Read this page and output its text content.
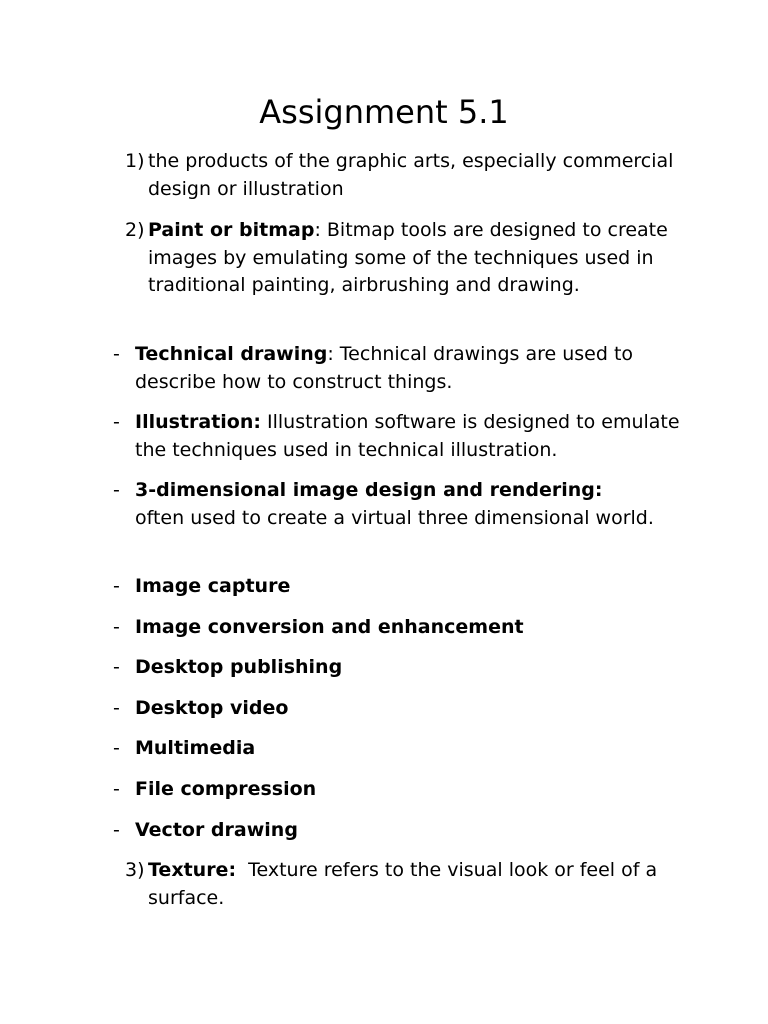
Assignment 5.1
1) the products of the graphic arts, especially commercial design or illustration
2) Paint or bitmap: Bitmap tools are designed to create images by emulating some of the techniques used in traditional painting, airbrushing and drawing.
- Technical drawing: Technical drawings are used to describe how to construct things.
- Illustration: Illustration software is designed to emulate the techniques used in technical illustration.
- 3-dimensional image design and rendering:
often used to create a virtual three dimensional world.
- Image capture
- Image conversion and enhancement
- Desktop publishing
- Desktop video
- Multimedia
- File compression
- Vector drawing
3) Texture:  Texture refers to the visual look or feel of a surface.
